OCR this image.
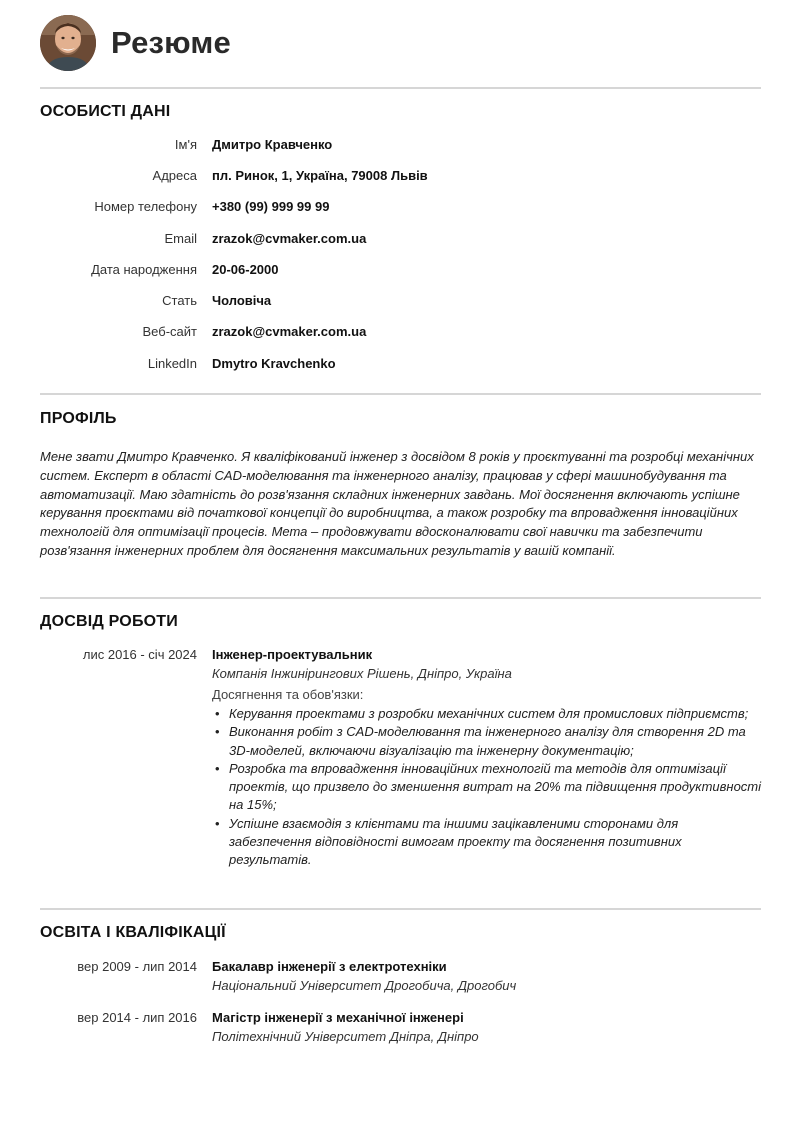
Резюме
ОСОБИСТІ ДАНІ
Ім'я Дмитро Кравченко
Адреса пл. Ринок, 1, Україна, 79008 Львів
Номер телефону +380 (99) 999 99 99
Email zrazok@cvmaker.com.ua
Дата народження 20-06-2000
Стать Чоловіча
Веб-сайт zrazok@cvmaker.com.ua
LinkedIn Dmytro Kravchenko
ПРОФІЛЬ
Мене звати Дмитро Кравченко. Я кваліфікований інженер з досвідом 8 років у проєктуванні та розробці механічних систем. Експерт в області CAD-моделювання та інженерного аналізу, працював у сфері машинобудування та автоматизації. Маю здатність до розв'язання складних інженерних завдань. Мої досягнення включають успішне керування проєктами від початкової концепції до виробництва, а також розробку та впровадження інноваційних технологій для оптимізації процесів. Мета – продовжувати вдосконалювати свої навички та забезпечити розв'язання інженерних проблем для досягнення максимальних результатів у вашій компанії.
ДОСВІД РОБОТИ
лис 2016 - січ 2024 Інженер-проектувальник
Компанія Інжинірингових Рішень, Дніпро, Україна
Досягнення та обов'язки:
• Керування проектами з розробки механічних систем для промислових підприємств;
• Виконання робіт з CAD-моделювання та інженерного аналізу для створення 2D та 3D-моделей, включаючи візуалізацію та інженерну документацію;
• Розробка та впровадження інноваційних технологій та методів для оптимізації проектів, що призвело до зменшення витрат на 20% та підвищення продуктивності на 15%;
• Успішне взаємодія з клієнтами та іншими зацікавленими сторонами для забезпечення відповідності вимогам проекту та досягнення позитивних результатів.
ОСВІТА І КВАЛІФІКАЦІЇ
вер 2009 - лип 2014 Бакалавр інженерії з електротехніки
Національний Університет Дрогобича, Дрогобич
вер 2014 - лип 2016 Магістр інженерії з механічної інженері
Політехнічний Університет Дніпра, Дніпро
